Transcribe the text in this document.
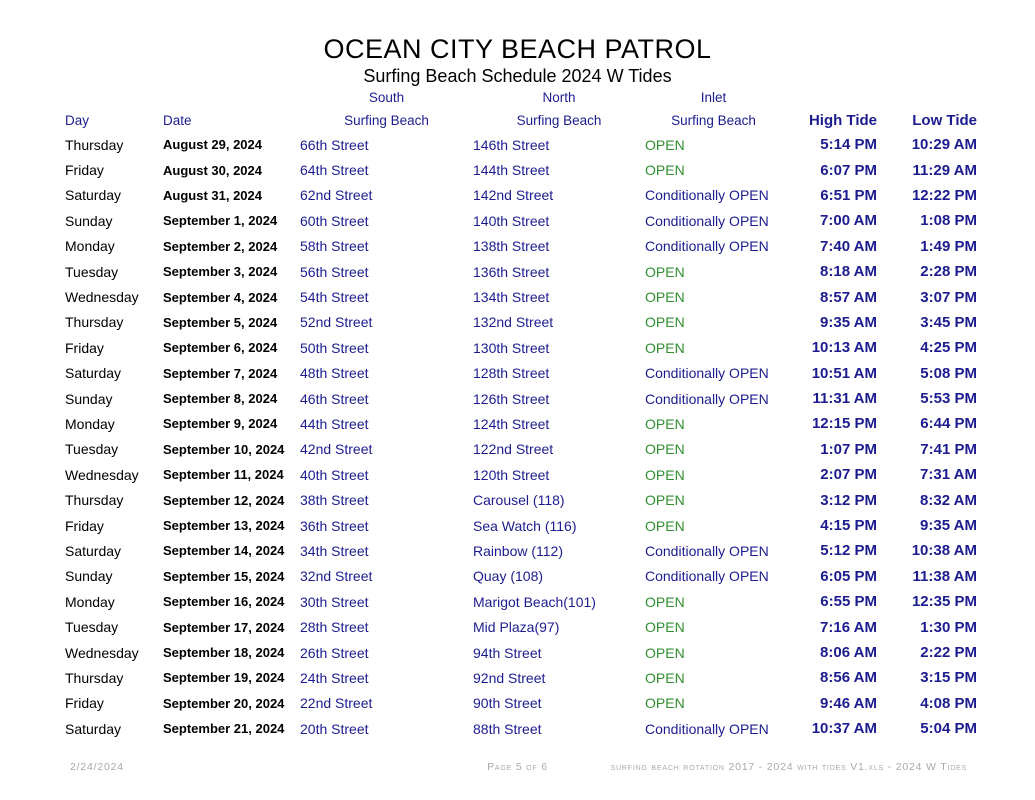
OCEAN CITY BEACH PATROL
Surfing Beach Schedule 2024 W Tides
South	North	Inlet
Day	Date	Surfing Beach	Surfing Beach	Surfing Beach	High Tide	Low Tide
Thursday	August 29, 2024	66th Street	146th Street	OPEN	5:14 PM	10:29 AM
Friday	August 30, 2024	64th Street	144th Street	OPEN	6:07 PM	11:29 AM
Saturday	August 31, 2024	62nd Street	142nd Street	Conditionally OPEN	6:51 PM	12:22 PM
Sunday	September 1, 2024	60th Street	140th Street	Conditionally OPEN	7:00 AM	1:08 PM
Monday	September 2, 2024	58th Street	138th Street	Conditionally OPEN	7:40 AM	1:49 PM
Tuesday	September 3, 2024	56th Street	136th Street	OPEN	8:18 AM	2:28 PM
Wednesday	September 4, 2024	54th Street	134th Street	OPEN	8:57 AM	3:07 PM
Thursday	September 5, 2024	52nd Street	132nd Street	OPEN	9:35 AM	3:45 PM
Friday	September 6, 2024	50th Street	130th Street	OPEN	10:13 AM	4:25 PM
Saturday	September 7, 2024	48th Street	128th Street	Conditionally OPEN	10:51 AM	5:08 PM
Sunday	September 8, 2024	46th Street	126th Street	Conditionally OPEN	11:31 AM	5:53 PM
Monday	September 9, 2024	44th Street	124th Street	OPEN	12:15 PM	6:44 PM
Tuesday	September 10, 2024	42nd Street	122nd Street	OPEN	1:07 PM	7:41 PM
Wednesday	September 11, 2024	40th Street	120th Street	OPEN	2:07 PM	7:31 AM
Thursday	September 12, 2024	38th Street	Carousel (118)	OPEN	3:12 PM	8:32 AM
Friday	September 13, 2024	36th Street	Sea Watch (116)	OPEN	4:15 PM	9:35 AM
Saturday	September 14, 2024	34th Street	Rainbow (112)	Conditionally OPEN	5:12 PM	10:38 AM
Sunday	September 15, 2024	32nd Street	Quay (108)	Conditionally OPEN	6:05 PM	11:38 AM
Monday	September 16, 2024	30th Street	Marigot Beach(101)	OPEN	6:55 PM	12:35 PM
Tuesday	September 17, 2024	28th Street	Mid Plaza(97)	OPEN	7:16 AM	1:30 PM
Wednesday	September 18, 2024	26th Street	94th Street	OPEN	8:06 AM	2:22 PM
Thursday	September 19, 2024	24th Street	92nd Street	OPEN	8:56 AM	3:15 PM
Friday	September 20, 2024	22nd Street	90th Street	OPEN	9:46 AM	4:08 PM
Saturday	September 21, 2024	20th Street	88th Street	Conditionally OPEN	10:37 AM	5:04 PM
2/24/2024	Page 5 of 6	surfing beach rotation 2017 - 2024 with tides V1.xls - 2024 W Tides
